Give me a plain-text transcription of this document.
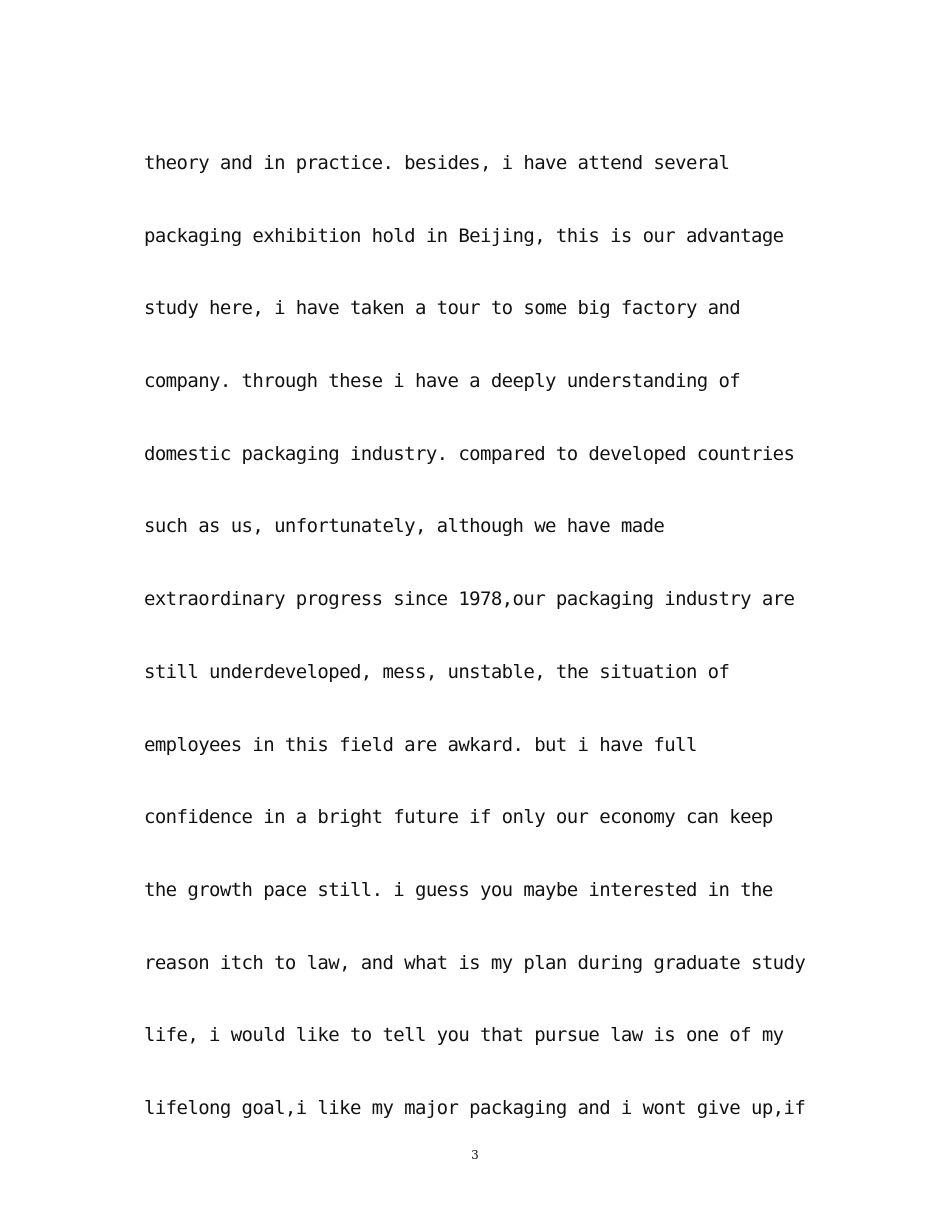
theory and in practice. besides, i have attend several
packaging exhibition hold in Beijing, this is our advantage
study here, i have taken a tour to some big factory and
company. through these i have a deeply understanding of
domestic packaging industry. compared to developed countries
such as us, unfortunately, although we have made
extraordinary progress since 1978,our packaging industry are
still underdeveloped, mess, unstable, the situation of
employees in this field are awkard. but i have full
confidence in a bright future if only our economy can keep
the growth pace still. i guess you maybe interested in the
reason itch to law, and what is my plan during graduate study
life, i would like to tell you that pursue law is one of my
lifelong goal,i like my major packaging and i wont give up,if
3
